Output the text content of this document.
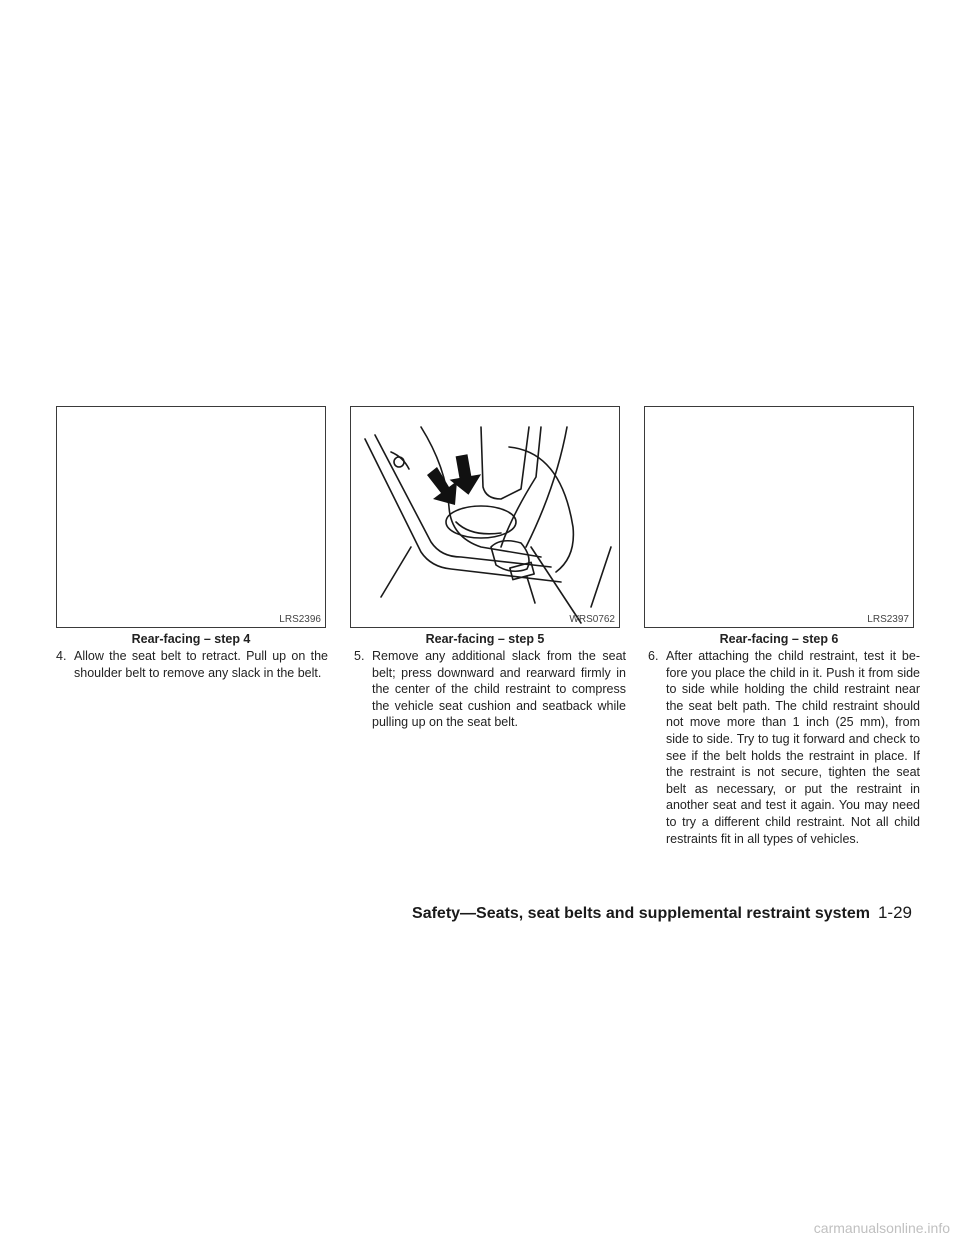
LRS2396
Rear-facing – step 4

4. Allow the seat belt to retract. Pull up on the shoulder belt to remove any slack in the belt.

WRS0762
Rear-facing – step 5

5. Remove any additional slack from the seat belt; press downward and rearward firmly in the center of the child restraint to compress the vehicle seat cushion and seatback while pulling up on the seat belt.

LRS2397
Rear-facing – step 6

6. After attaching the child restraint, test it be-fore you place the child in it. Push it from side to side while holding the child restraint near the seat belt path. The child restraint should not move more than 1 inch (25 mm), from side to side. Try to tug it forward and check to see if the belt holds the restraint in place. If the restraint is not secure, tighten the seat belt as necessary, or put the restraint in another seat and test it again. You may need to try a different child restraint. Not all child restraints fit in all types of vehicles.

Safety—Seats, seat belts and supplemental restraint system 1-29
carmanualsonline.info
